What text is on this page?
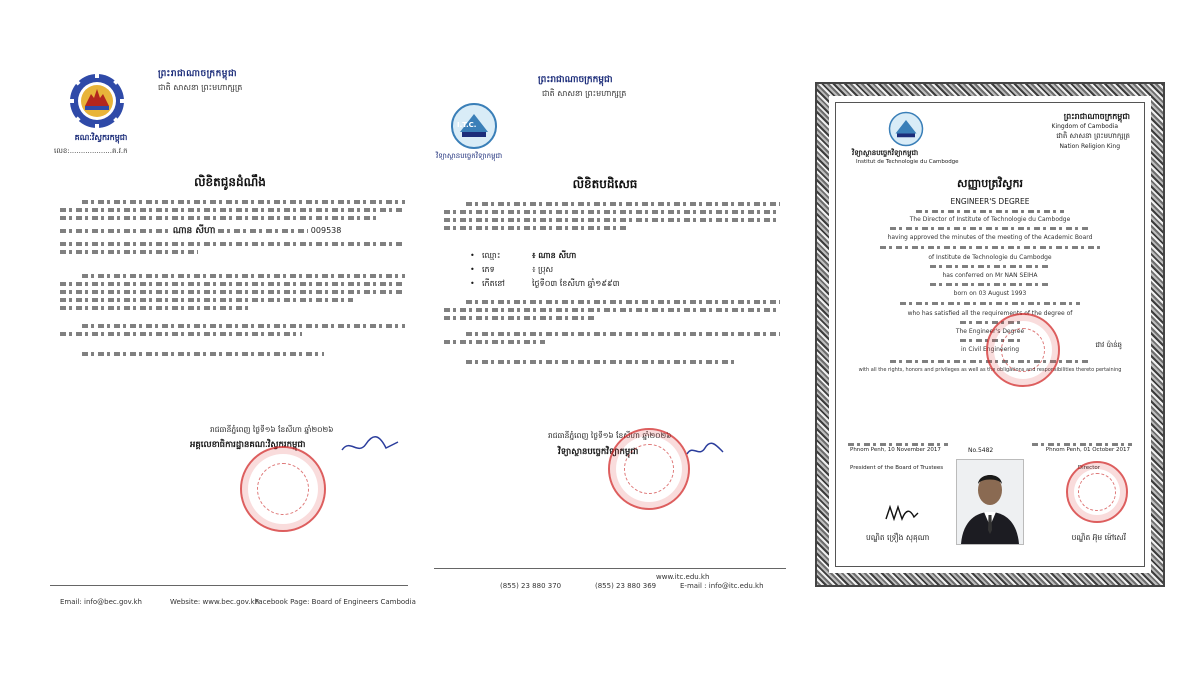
គណៈវិស្វករកម្ពុជា
លេខ:...................គ.វ.ក
ព្រះរាជាណាចក្រកម្ពុជា
ជាតិ សាសនា ព្រះមហាក្សត្រ
លិខិតជូនដំណឹង
ណាន សីហា	009538
រាជធានីភ្នំពេញ ថ្ងៃទី១៦ ខែសីហា ឆ្នាំ២០២៦
អគ្គលេខាធិការដ្ឋានគណៈវិស្វករកម្ពុជា
Email: info@bec.gov.kh	Website: www.bec.gov.kh
Facebook Page: Board of Engineers Cambodia
ព្រះរាជាណាចក្រកម្ពុជា
ជាតិ សាសនា ព្រះមហាក្សត្រ
I.T.C.
វិទ្យាស្ថានបច្ចេកវិទ្យាកម្ពុជា
លិខិតបដិសេធ
• ឈ្មោះ	៖ ណាន សីហា
• ភេទ	៖ ប្រុស
• កើតនៅ	ថ្ងៃទី០៣ ខែសីហា ឆ្នាំ១៩៩៣
រាជធានីភ្នំពេញ ថ្ងៃទី១៦ ខែសីហា ឆ្នាំ២០២៦
វិទ្យាស្ថានបច្ចេកវិទ្យាកម្ពុជា
www.itc.edu.kh
(855) 23 880 370	(855) 23 880 369	E-mail : info@itc.edu.kh
ព្រះរាជាណាចក្រកម្ពុជា
Kingdom of Cambodia
ជាតិ សាសនា ព្រះមហាក្សត្រ
Nation Religion King
វិទ្យាស្ថានបច្ចេកវិទ្យាកម្ពុជា
Institut de Technologie du Cambodge
សញ្ញាបត្រវិស្វករ
ENGINEER'S DEGREE
The Director of Institute of Technologie du Cambodge
having approved the minutes of the meeting of the Academic Board
of Institute de Technologie du Cambodge
has conferred on Mr NAN SEIHA
born on 03 August 1993
who has satisfied all the requirements of the degree of
The Engineer's Degree
in Civil Engineering
with all the rights, honors and privileges as well as the obligations and responsibilities thereto pertaining
ជាវ ប៉ាន់ឆូ
Phnom Penh, 10 November 2017	No.5482	Phnom Penh, 01 October 2017
President of the Board of Trustees	Director
បណ្ឌិត ទ្រឿង សុគុណា	បណ្ឌិត អ៊ុម ម៉ៅសេរី
